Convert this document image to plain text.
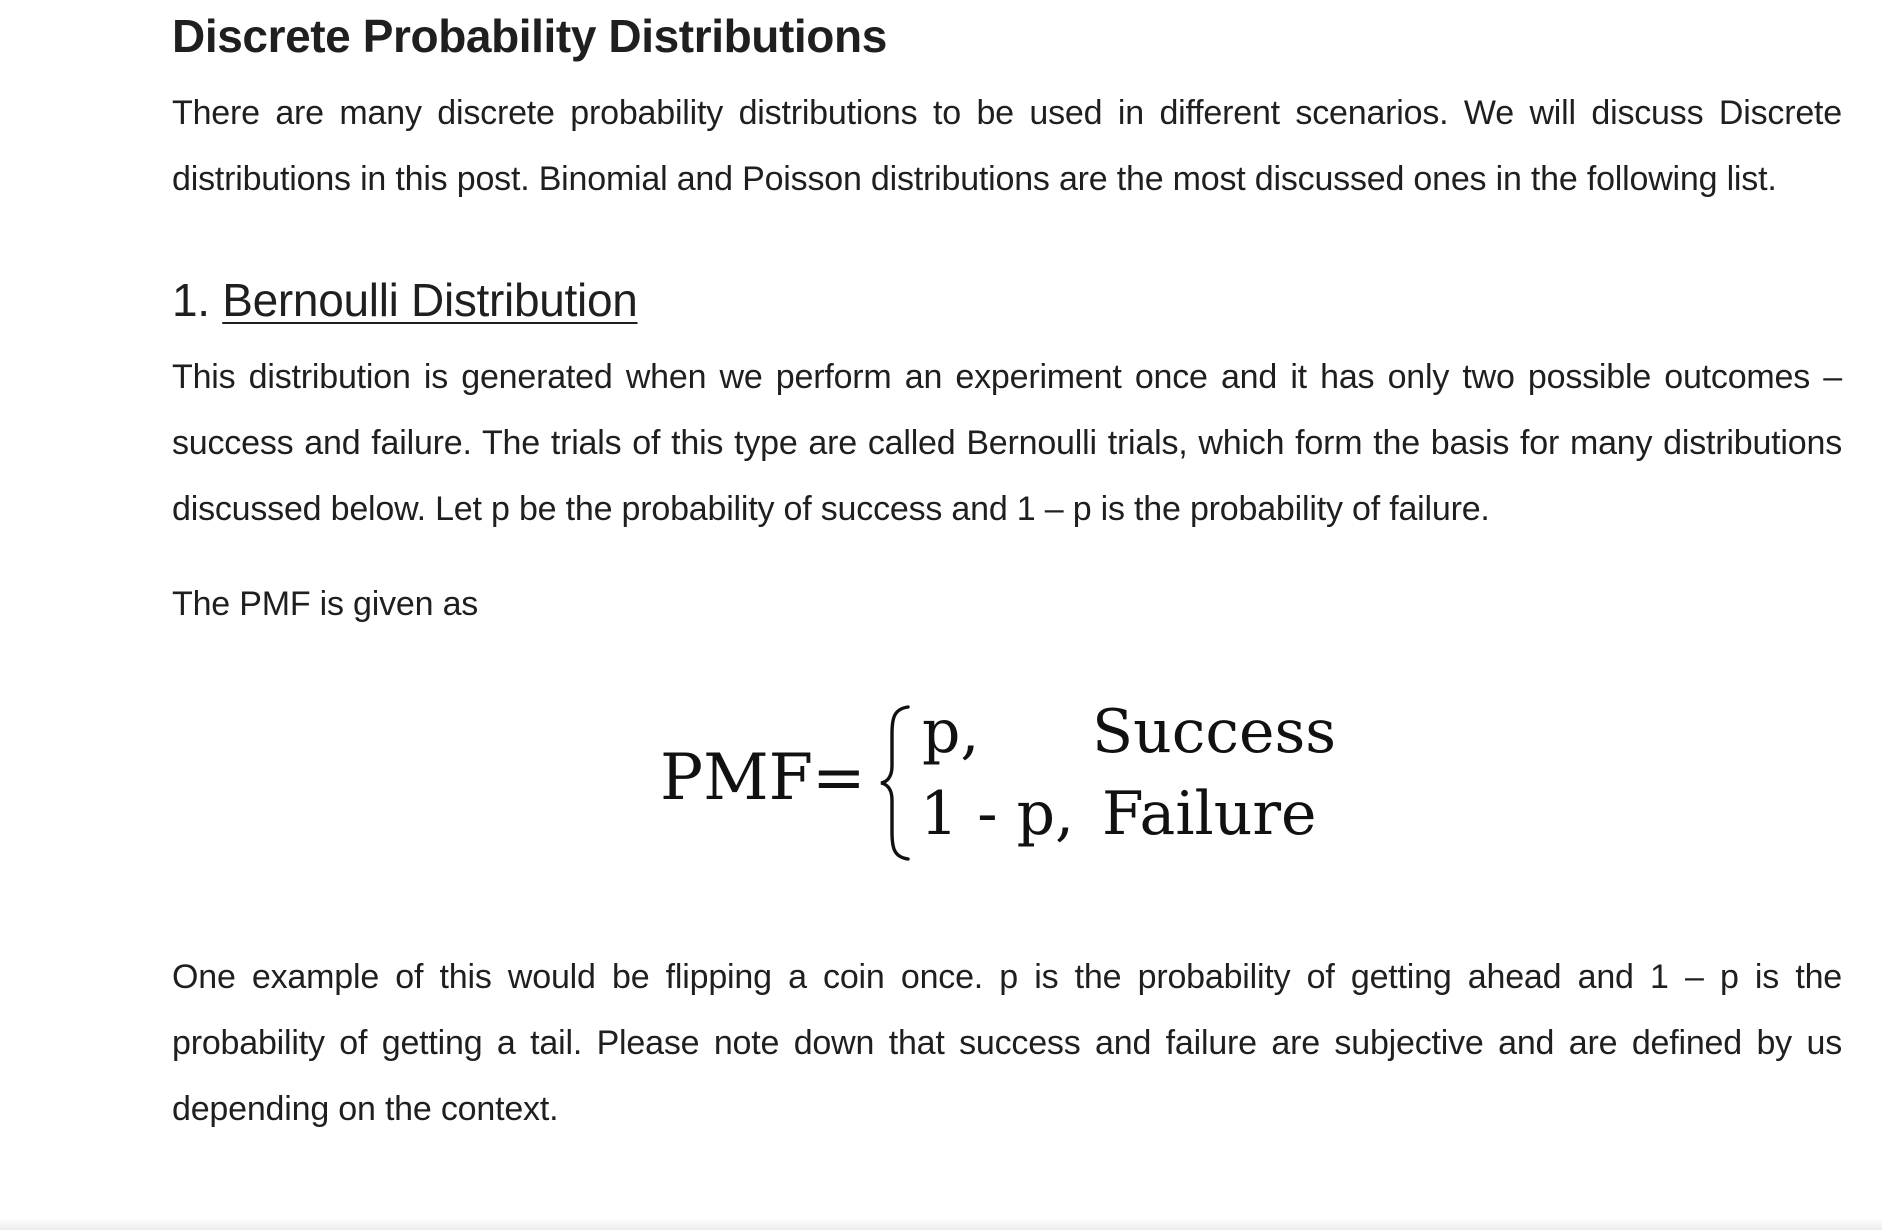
Discrete Probability Distributions

There are many discrete probability distributions to be used in different scenarios. We will discuss Discrete distributions in this post. Binomial and Poisson distributions are the most discussed ones in the following list.

1. Bernoulli Distribution

This distribution is generated when we perform an experiment once and it has only two possible outcomes – success and failure. The trials of this type are called Bernoulli trials, which form the basis for many distributions discussed below. Let p be the probability of success and 1 – p is the probability of failure.

The PMF is given as

PMF =
p, Success
1 - p, Failure

One example of this would be flipping a coin once. p is the probability of getting ahead and 1 – p is the probability of getting a tail. Please note down that success and failure are subjective and are defined by us depending on the context.
